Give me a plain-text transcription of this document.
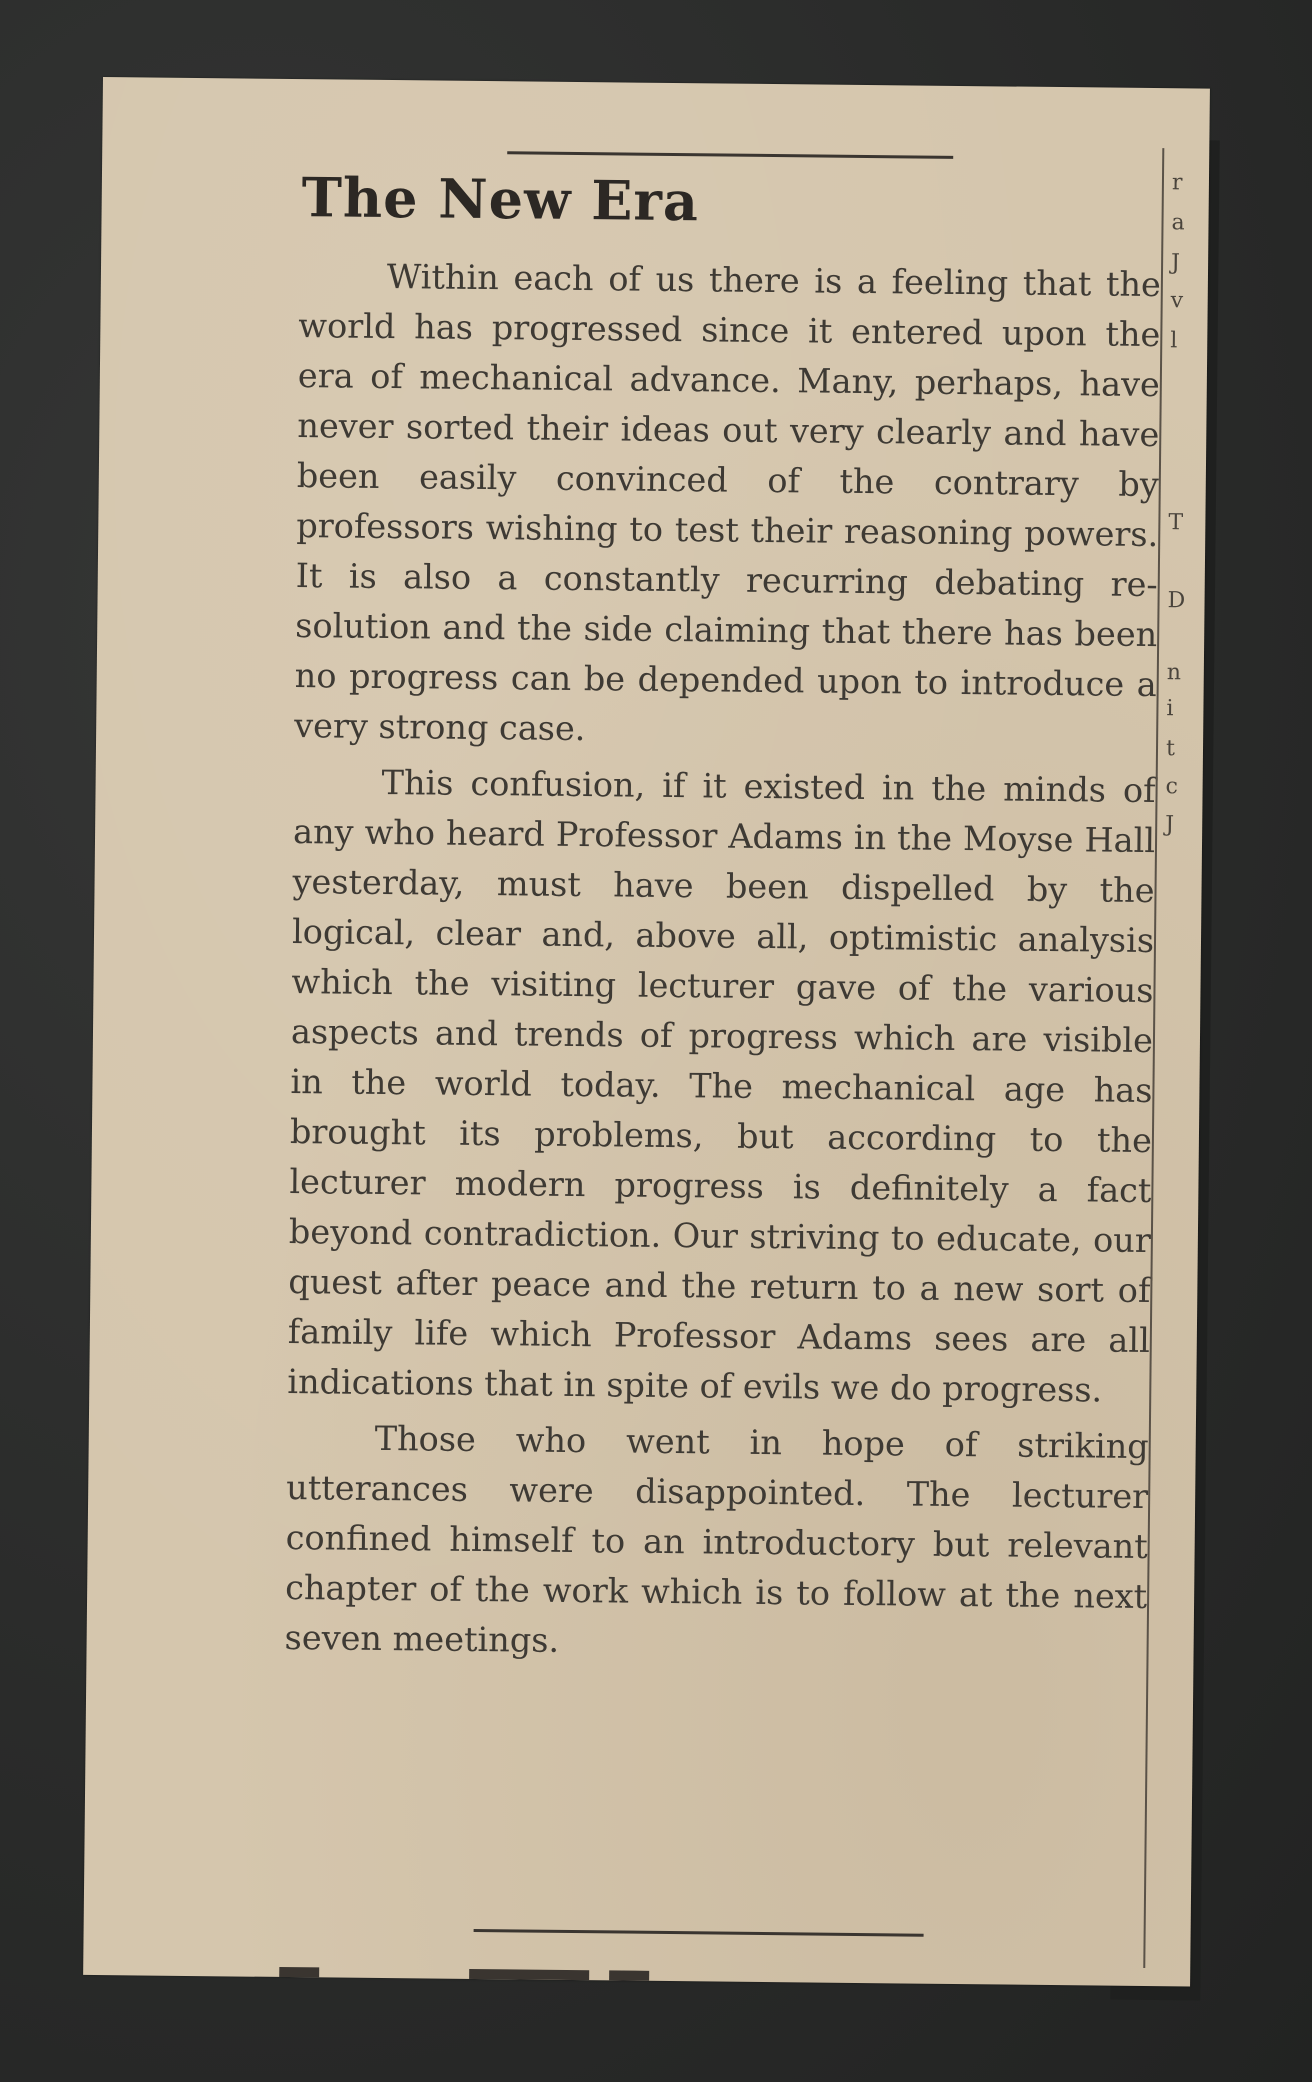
The New Era

Within each of us there is a feeling that the world has progressed since it entered upon the era of mechanical advance. Many, perhaps, have never sorted their ideas out very clearly and have been easily convinced of the contrary by professors wishing to test their reasoning powers. It is also a constantly recurring debating resolution and the side claiming that there has been no progress can be depended upon to introduce a very strong case.

This confusion, if it existed in the minds of any who heard Professor Adams in the Moyse Hall yesterday, must have been dispelled by the logical, clear and, above all, optimistic analysis which the visiting lecturer gave of the various aspects and trends of progress which are visible in the world today. The mechanical age has brought its problems, but according to the lecturer modern progress is definitely a fact beyond contradiction. Our striving to educate, our quest after peace and the return to a new sort of family life which Professor Adams sees are all indications that in spite of evils we do progress.

Those who went in hope of striking utterances were disappointed. The lecturer confined himself to an introductory but relevant chapter of the work which is to follow at the next seven meetings.

r
a
J
v
l
T
D
n
i
t
c
J
